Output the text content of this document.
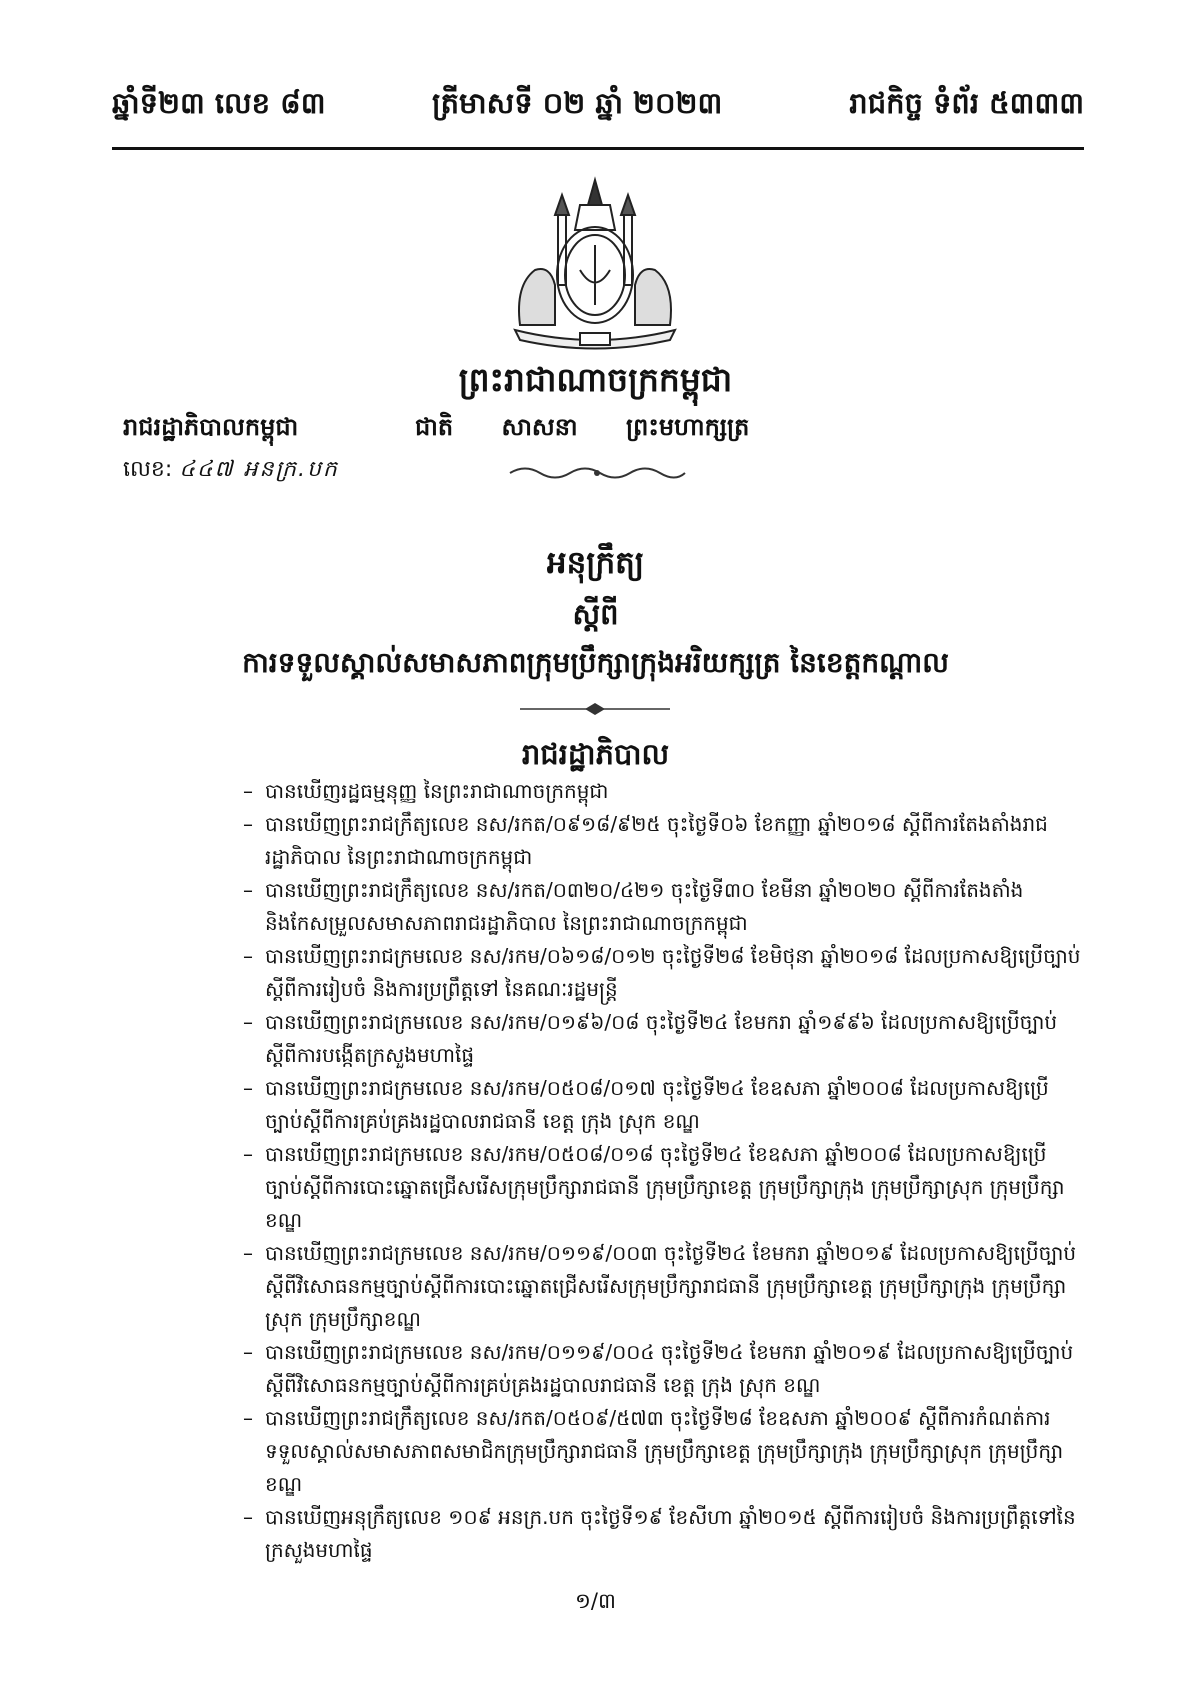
ឆ្នាំទី២៣ លេខ ៨៣	ត្រីមាសទី ០២ ឆ្នាំ ២០២៣	រាជកិច្ច ទំព័រ ៥៣៣៣
ព្រះរាជាណាចក្រកម្ពុជា
រាជរដ្ឋាភិបាលកម្ពុជា
លេខ: ៤៤៧ អនក្រ.បក
ជាតិ សាសនា ព្រះមហាក្សត្រ
អនុក្រឹត្យ
ស្តីពី
ការទទួលស្គាល់សមាសភាពក្រុមប្រឹក្សាក្រុងអរិយក្សត្រ នៃខេត្តកណ្ដាល
រាជរដ្ឋាភិបាល
– បានឃើញរដ្ឋធម្មនុញ្ញ នៃព្រះរាជាណាចក្រកម្ពុជា
– បានឃើញព្រះរាជក្រឹត្យលេខ នស/រកត/០៩១៨/៩២៥ ចុះថ្ងៃទី០៦ ខែកញ្ញា ឆ្នាំ២០១៨ ស្តីពីការតែងតាំងរាជរដ្ឋាភិបាល នៃព្រះរាជាណាចក្រកម្ពុជា
– បានឃើញព្រះរាជក្រឹត្យលេខ នស/រកត/០៣២០/៤២១ ចុះថ្ងៃទី៣០ ខែមីនា ឆ្នាំ២០២០ ស្តីពីការតែងតាំង និងកែសម្រួលសមាសភាពរាជរដ្ឋាភិបាល នៃព្រះរាជាណាចក្រកម្ពុជា
– បានឃើញព្រះរាជក្រមលេខ នស/រកម/០៦១៨/០១២ ចុះថ្ងៃទី២៨ ខែមិថុនា ឆ្នាំ២០១៨ ដែលប្រកាសឱ្យប្រើច្បាប់ស្តីពីការរៀបចំ និងការប្រព្រឹត្តទៅ នៃគណៈរដ្ឋមន្ត្រី
– បានឃើញព្រះរាជក្រមលេខ នស/រកម/០១៩៦/០៨ ចុះថ្ងៃទី២៤ ខែមករា ឆ្នាំ១៩៩៦ ដែលប្រកាសឱ្យប្រើច្បាប់ស្តីពីការបង្កើតក្រសួងមហាផ្ទៃ
– បានឃើញព្រះរាជក្រមលេខ នស/រកម/០៥០៨/០១៧ ចុះថ្ងៃទី២៤ ខែឧសភា ឆ្នាំ២០០៨ ដែលប្រកាសឱ្យប្រើច្បាប់ស្តីពីការគ្រប់គ្រងរដ្ឋបាលរាជធានី ខេត្ត ក្រុង ស្រុក ខណ្ឌ
– បានឃើញព្រះរាជក្រមលេខ នស/រកម/០៥០៨/០១៨ ចុះថ្ងៃទី២៤ ខែឧសភា ឆ្នាំ២០០៨ ដែលប្រកាសឱ្យប្រើច្បាប់ស្តីពីការបោះឆ្នោតជ្រើសរើសក្រុមប្រឹក្សារាជធានី ក្រុមប្រឹក្សាខេត្ត ក្រុមប្រឹក្សាក្រុង ក្រុមប្រឹក្សាស្រុក ក្រុមប្រឹក្សាខណ្ឌ
– បានឃើញព្រះរាជក្រមលេខ នស/រកម/០១១៩/០០៣ ចុះថ្ងៃទី២៤ ខែមករា ឆ្នាំ២០១៩ ដែលប្រកាសឱ្យប្រើច្បាប់ស្តីពីវិសោធនកម្មច្បាប់ស្តីពីការបោះឆ្នោតជ្រើសរើសក្រុមប្រឹក្សារាជធានី ក្រុមប្រឹក្សាខេត្ត ក្រុមប្រឹក្សាក្រុង ក្រុមប្រឹក្សាស្រុក ក្រុមប្រឹក្សាខណ្ឌ
– បានឃើញព្រះរាជក្រមលេខ នស/រកម/០១១៩/០០៤ ចុះថ្ងៃទី២៤ ខែមករា ឆ្នាំ២០១៩ ដែលប្រកាសឱ្យប្រើច្បាប់ស្តីពីវិសោធនកម្មច្បាប់ស្តីពីការគ្រប់គ្រងរដ្ឋបាលរាជធានី ខេត្ត ក្រុង ស្រុក ខណ្ឌ
– បានឃើញព្រះរាជក្រឹត្យលេខ នស/រកត/០៥០៩/៥៧៣ ចុះថ្ងៃទី២៨ ខែឧសភា ឆ្នាំ២០០៩ ស្តីពីការកំណត់ការទទួលស្គាល់សមាសភាពសមាជិកក្រុមប្រឹក្សារាជធានី ក្រុមប្រឹក្សាខេត្ត ក្រុមប្រឹក្សាក្រុង ក្រុមប្រឹក្សាស្រុក ក្រុមប្រឹក្សាខណ្ឌ
– បានឃើញអនុក្រឹត្យលេខ ១០៩ អនក្រ.បក ចុះថ្ងៃទី១៩ ខែសីហា ឆ្នាំ២០១៥ ស្តីពីការរៀបចំ និងការប្រព្រឹត្តទៅនៃក្រសួងមហាផ្ទៃ
១/៣
